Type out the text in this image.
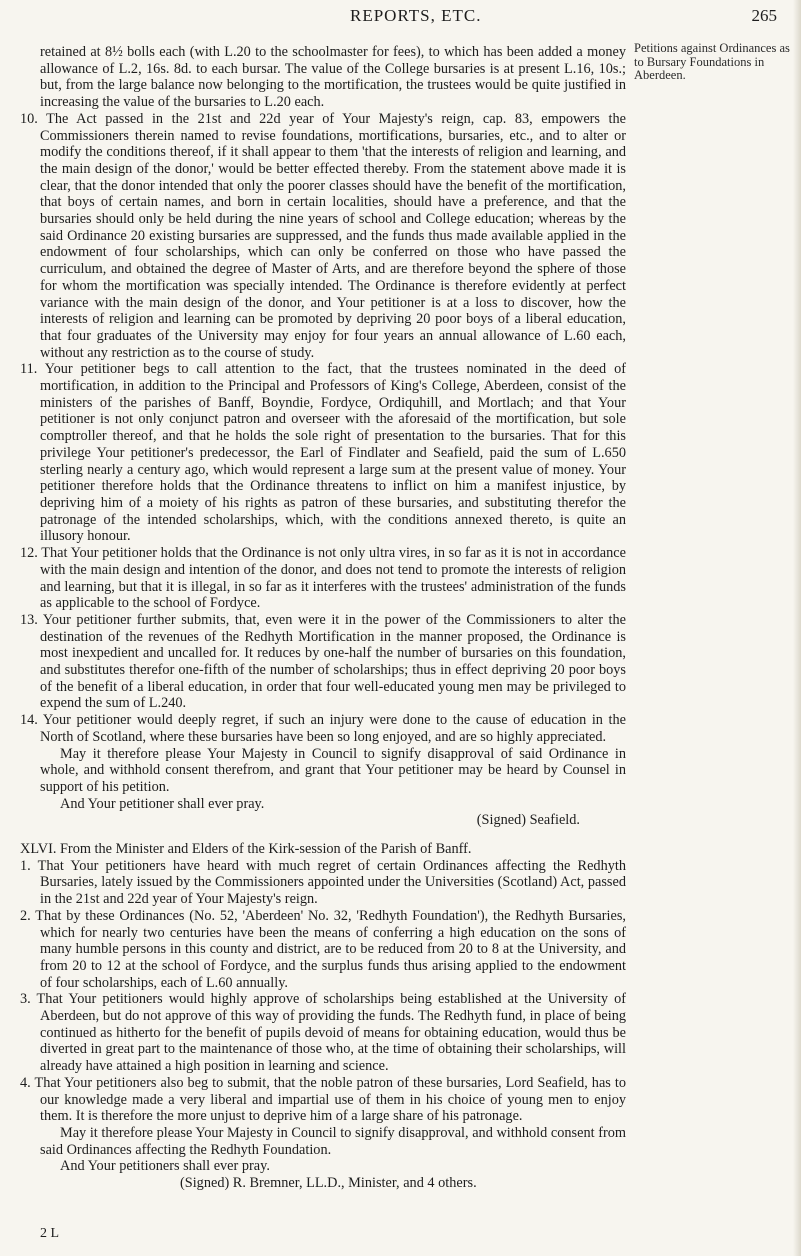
REPORTS, ETC.	265
Petitions against Ordinances as to Bursary Foundations in Aberdeen.

retained at 8½ bolls each (with L.20 to the schoolmaster for fees), to which has been added a money allowance of L.2, 16s. 8d. to each bursar. The value of the College bursaries is at present L.16, 10s.; but, from the large balance now belonging to the mortification, the trustees would be quite justified in increasing the value of the bursaries to L.20 each.

10. The Act passed in the 21st and 22d year of Your Majesty's reign, cap. 83, empowers the Commissioners therein named to revise foundations, mortifications, bursaries, etc., and to alter or modify the conditions thereof, if it shall appear to them 'that the interests of religion and learning, and the main design of the donor,' would be better effected thereby. From the statement above made it is clear, that the donor intended that only the poorer classes should have the benefit of the mortification, that boys of certain names, and born in certain localities, should have a preference, and that the bursaries should only be held during the nine years of school and College education; whereas by the said Ordinance 20 existing bursaries are suppressed, and the funds thus made available applied in the endowment of four scholarships, which can only be conferred on those who have passed the curriculum, and obtained the degree of Master of Arts, and are therefore beyond the sphere of those for whom the mortification was specially intended. The Ordinance is therefore evidently at perfect variance with the main design of the donor, and Your petitioner is at a loss to discover, how the interests of religion and learning can be promoted by depriving 20 poor boys of a liberal education, that four graduates of the University may enjoy for four years an annual allowance of L.60 each, without any restriction as to the course of study.

11. Your petitioner begs to call attention to the fact, that the trustees nominated in the deed of mortification, in addition to the Principal and Professors of King's College, Aberdeen, consist of the ministers of the parishes of Banff, Boyndie, Fordyce, Ordiquhill, and Mortlach; and that Your petitioner is not only conjunct patron and overseer with the aforesaid of the mortification, but sole comptroller thereof, and that he holds the sole right of presentation to the bursaries. That for this privilege Your petitioner's predecessor, the Earl of Findlater and Seafield, paid the sum of L.650 sterling nearly a century ago, which would represent a large sum at the present value of money. Your petitioner therefore holds that the Ordinance threatens to inflict on him a manifest injustice, by depriving him of a moiety of his rights as patron of these bursaries, and substituting therefor the patronage of the intended scholarships, which, with the conditions annexed thereto, is quite an illusory honour.

12. That Your petitioner holds that the Ordinance is not only ultra vires, in so far as it is not in accordance with the main design and intention of the donor, and does not tend to promote the interests of religion and learning, but that it is illegal, in so far as it interferes with the trustees' administration of the funds as applicable to the school of Fordyce.

13. Your petitioner further submits, that, even were it in the power of the Commissioners to alter the destination of the revenues of the Redhyth Mortification in the manner proposed, the Ordinance is most inexpedient and uncalled for. It reduces by one-half the number of bursaries on this foundation, and substitutes therefor one-fifth of the number of scholarships; thus in effect depriving 20 poor boys of the benefit of a liberal education, in order that four well-educated young men may be privileged to expend the sum of L.240.

14. Your petitioner would deeply regret, if such an injury were done to the cause of education in the North of Scotland, where these bursaries have been so long enjoyed, and are so highly appreciated.

May it therefore please Your Majesty in Council to signify disapproval of said Ordinance in whole, and withhold consent therefrom, and grant that Your petitioner may be heard by Counsel in support of his petition.

And Your petitioner shall ever pray.

(Signed) Seafield.

XLVI. From the Minister and Elders of the Kirk-session of the Parish of Banff.

1. That Your petitioners have heard with much regret of certain Ordinances affecting the Redhyth Bursaries, lately issued by the Commissioners appointed under the Universities (Scotland) Act, passed in the 21st and 22d year of Your Majesty's reign.

2. That by these Ordinances (No. 52, 'Aberdeen' No. 32, 'Redhyth Foundation'), the Redhyth Bursaries, which for nearly two centuries have been the means of conferring a high education on the sons of many humble persons in this county and district, are to be reduced from 20 to 8 at the University, and from 20 to 12 at the school of Fordyce, and the surplus funds thus arising applied to the endowment of four scholarships, each of L.60 annually.

3. That Your petitioners would highly approve of scholarships being established at the University of Aberdeen, but do not approve of this way of providing the funds. The Redhyth fund, in place of being continued as hitherto for the benefit of pupils devoid of means for obtaining education, would thus be diverted in great part to the maintenance of those who, at the time of obtaining their scholarships, will already have attained a high position in learning and science.

4. That Your petitioners also beg to submit, that the noble patron of these bursaries, Lord Seafield, has to our knowledge made a very liberal and impartial use of them in his choice of young men to enjoy them. It is therefore the more unjust to deprive him of a large share of his patronage.

May it therefore please Your Majesty in Council to signify disapproval, and withhold consent from said Ordinances affecting the Redhyth Foundation.

And Your petitioners shall ever pray.

(Signed) R. Bremner, LL.D., Minister, and 4 others.

2 L
